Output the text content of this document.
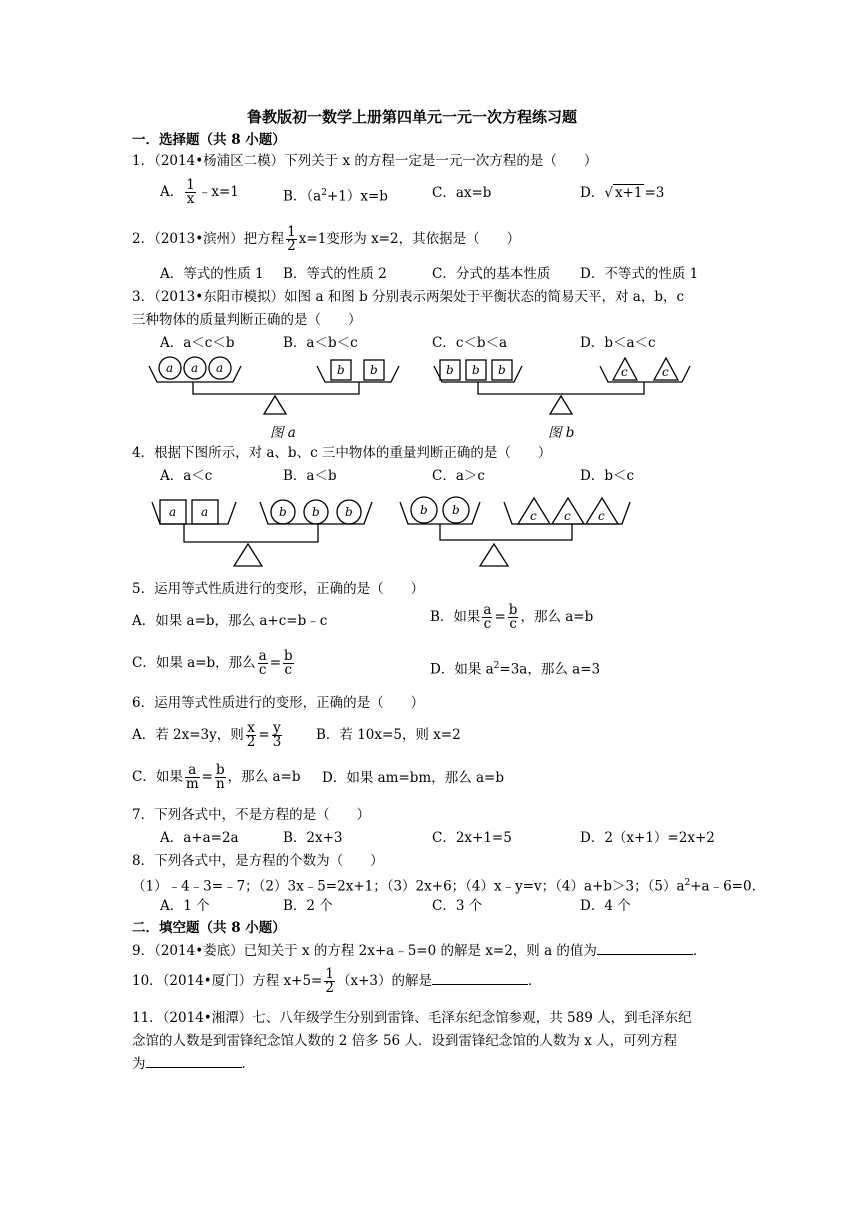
鲁教版初一数学上册第四单元一元一次方程练习题
一．选择题（共 8 小题）
1．（2014•杨浦区二模）下列关于 x 的方程一定是一元一次方程的是（　　）
A． $\frac{1}{x}$ ﹣x=1	B．$(a^2+1)x=b$	C．ax=b	D．√ x+1 =3
2．（2013•滨州）把方程 $\frac{1}{2} x=1$变形为 x=2，其依据是（　　）
A．等式的性质 1 B．等式的性质 2	C．分式的基本性质 D．不等式的性质 1
3．（2013•东阳市模拟）如图 a 和图 b 分别表示两架处于平衡状态的简易天平，对 a，b，c
三种物体的质量判断正确的是（　　）
A．a＜c＜b	B．a＜b＜c	C．c＜b＜a	D．b＜a＜c
a a a	b b
图 a
b b b	c	c
图 b
4．根据下图所示，对 a、b、c 三中物体的重量判断正确的是（　　）
A．a＜c	B．a＜b	C．a＞c	D．b＜c
a a	b b b	b b	c c c
5．运用等式性质进行的变形，正确的是（　　）
A．如果 a=b，那么 a+c=b﹣c	B．如果 $\frac{a}{c} = \frac{b}{c}$ ，那么 a=b
C．如果 a=b，那么 $\frac{a}{c} = \frac{b}{c}$	D．如果 $a^2=3a$，那么 a=3
6．运用等式性质进行的变形，正确的是（　　）
A．若 2x=3y，则 $\frac{x}{2} = \frac{y}{3}$ B．若 10x=5，则 x=2
C．如果 $\frac{a}{m} = \frac{b}{n}$ ，那么 a=b D．如果 am=bm，那么 a=b
7．下列各式中，不是方程的是（　　）
A．a+a=2a	B．2x+3	C．2x+1=5	D．2（x+1）=2x+2
8．下列各式中，是方程的个数为（　　）
（1）﹣4﹣3=﹣7；（2）3x﹣5=2x+1；（3）2x+6；（4）x﹣y=v；（4）a+b＞3；$(5)a^2+a﹣6=0$．
A．1 个	B．2 个	C．3 个	D．4 个
二．填空题（共 8 小题）
9．（2014•娄底）已知关于 x 的方程 2x+a﹣5=0 的解是 x=2，则 a 的值为	．
10．（2014•厦门）方程 $x+5= \frac{1}{2} (x+3)$的解是	．
11．（2014•湘潭）七、八年级学生分别到雷锋、毛泽东纪念馆参观，共 589 人，到毛泽东纪
念馆的人数是到雷锋纪念馆人数的 2 倍多 56 人．设到雷锋纪念馆的人数为 x 人，可列方程
为	．
